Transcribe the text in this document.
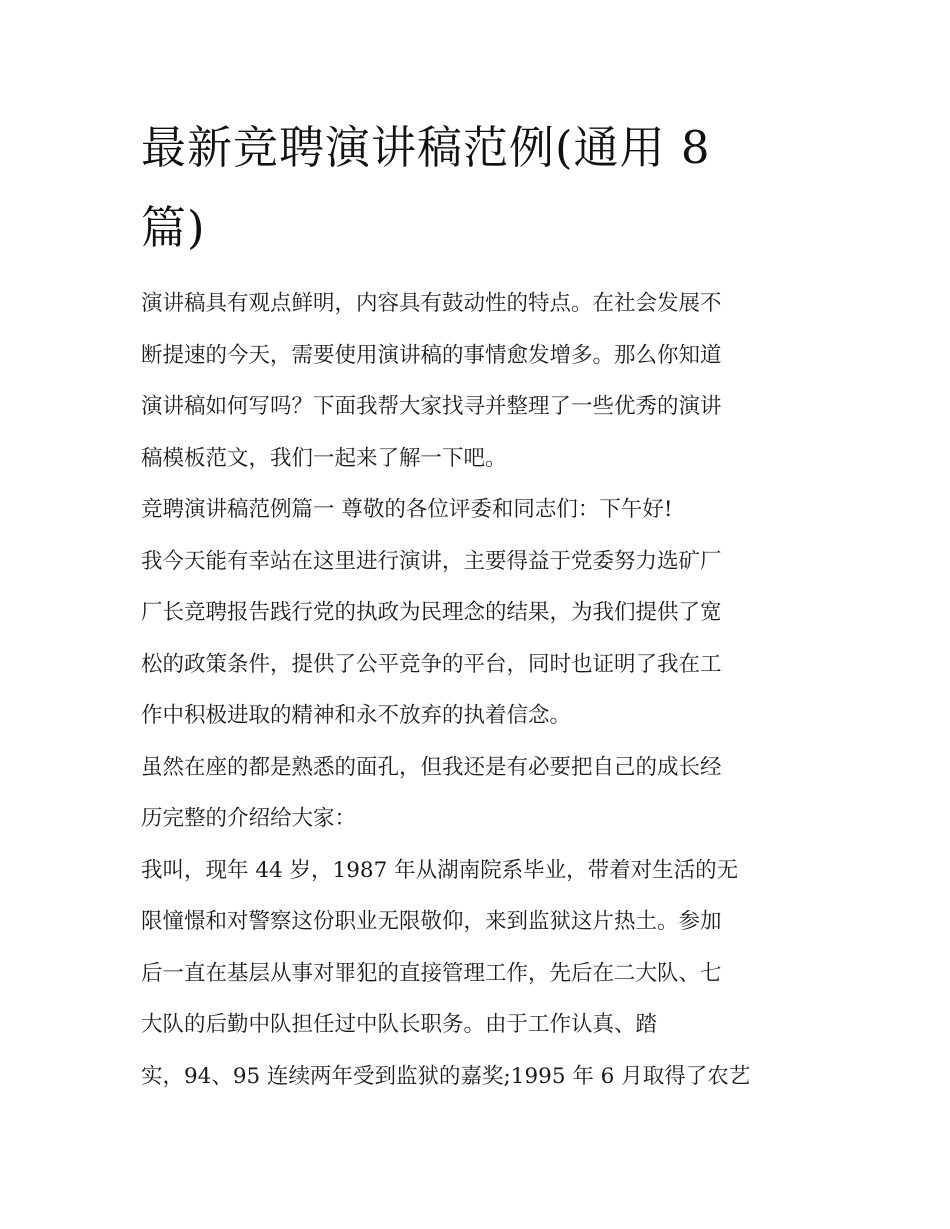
最新竞聘演讲稿范例(通用 8
篇)

演讲稿具有观点鲜明，内容具有鼓动性的特点。在社会发展不

断提速的今天，需要使用演讲稿的事情愈发增多。那么你知道

演讲稿如何写吗？下面我帮大家找寻并整理了一些优秀的演讲

稿模板范文，我们一起来了解一下吧。

竞聘演讲稿范例篇一 尊敬的各位评委和同志们：下午好!

我今天能有幸站在这里进行演讲，主要得益于党委努力选矿厂

厂长竞聘报告践行党的执政为民理念的结果，为我们提供了宽

松的政策条件，提供了公平竞争的平台，同时也证明了我在工

作中积极进取的精神和永不放弃的执着信念。

虽然在座的都是熟悉的面孔，但我还是有必要把自己的成长经

历完整的介绍给大家：

我叫，现年 44 岁，1987 年从湖南院系毕业，带着对生活的无

限憧憬和对警察这份职业无限敬仰，来到监狱这片热土。参加

后一直在基层从事对罪犯的直接管理工作，先后在二大队、七

大队的后勤中队担任过中队长职务。由于工作认真、踏

实，94、95 连续两年受到监狱的嘉奖;1995 年 6 月取得了农艺
